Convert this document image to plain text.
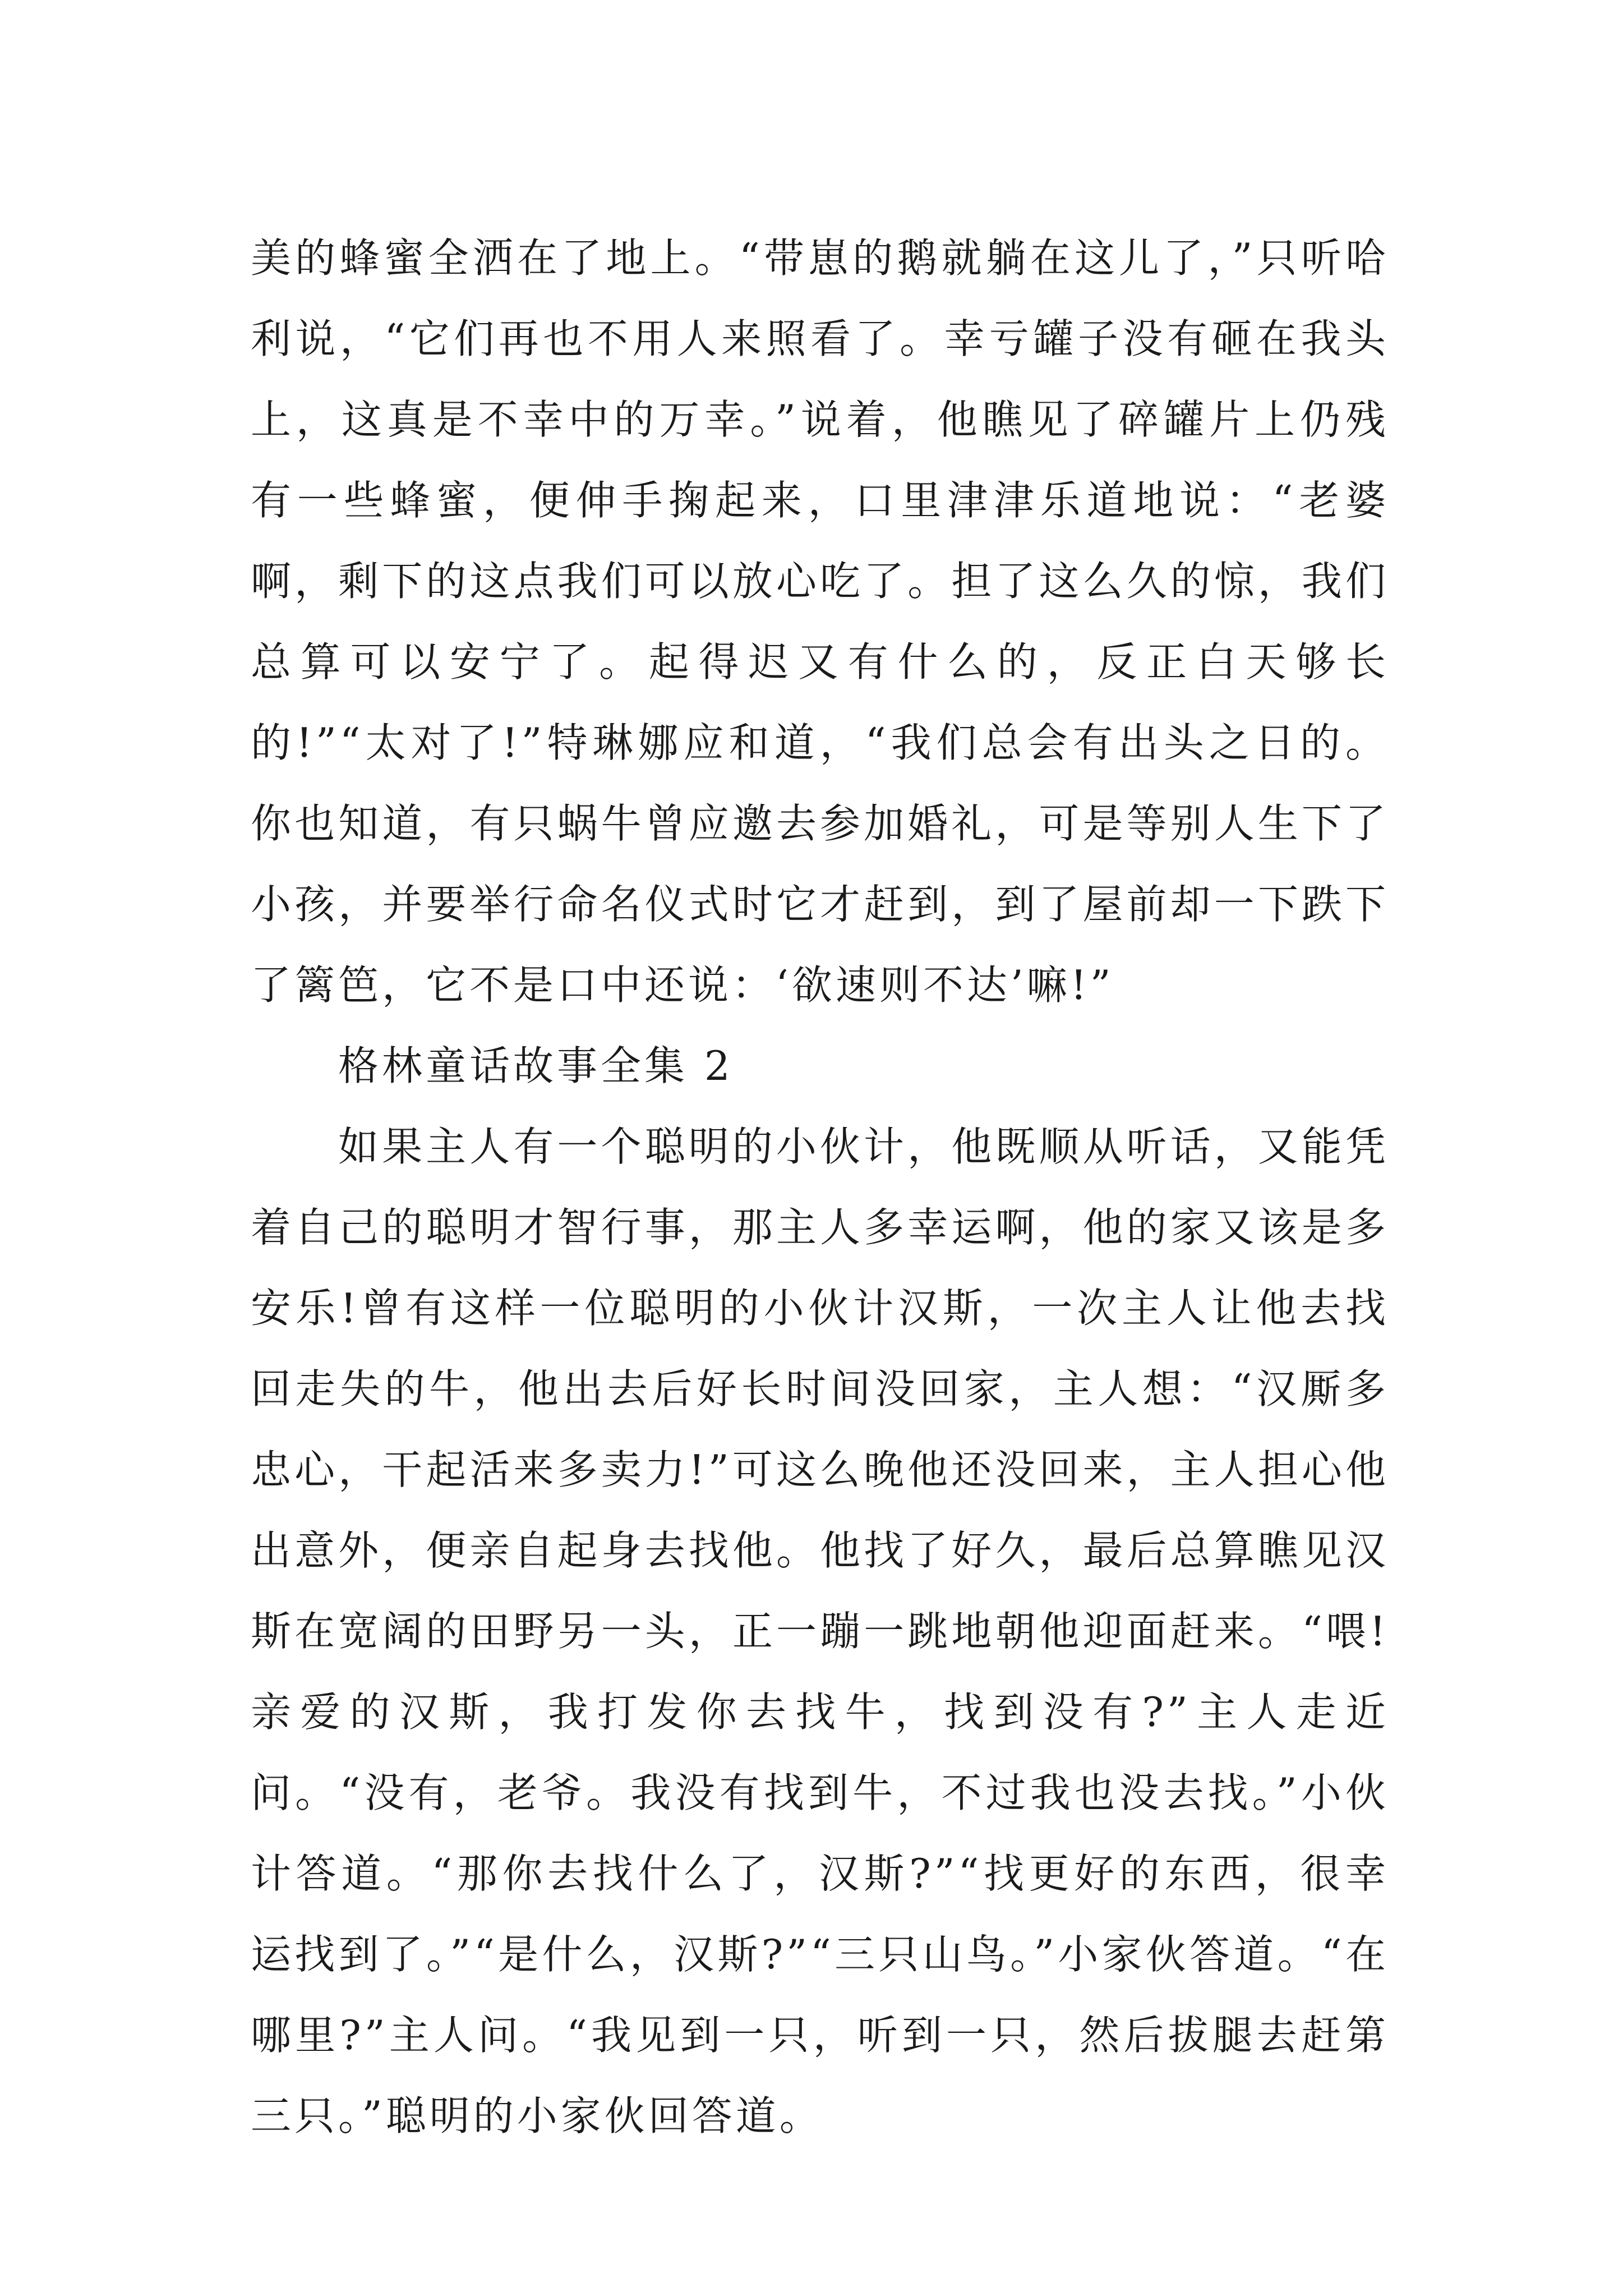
美的蜂蜜全洒在了地上。“带崽的鹅就躺在这儿了，”只听哈利说，“它们再也不用人来照看了。幸亏罐子没有砸在我头上，这真是不幸中的万幸。”说着，他瞧见了碎罐片上仍残有一些蜂蜜，便伸手掬起来，口里津津乐道地说：“老婆啊，剩下的这点我们可以放心吃了。担了这么久的惊，我们总算可以安宁了。起得迟又有什么的，反正白天够长的!”“太对了!”特琳娜应和道，“我们总会有出头之日的。你也知道，有只蜗牛曾应邀去参加婚礼，可是等别人生下了小孩，并要举行命名仪式时它才赶到，到了屋前却一下跌下了篱笆，它不是口中还说：‘欲速则不达’嘛!”

格林童话故事全集 2

如果主人有一个聪明的小伙计，他既顺从听话，又能凭着自己的聪明才智行事，那主人多幸运啊，他的家又该是多安乐!曾有这样一位聪明的小伙计汉斯，一次主人让他去找回走失的牛，他出去后好长时间没回家，主人想：“汉厮多忠心，干起活来多卖力!”可这么晚他还没回来，主人担心他出意外，便亲自起身去找他。他找了好久，最后总算瞧见汉斯在宽阔的田野另一头，正一蹦一跳地朝他迎面赶来。“喂!亲爱的汉斯，我打发你去找牛，找到没有?”主人走近问。“没有，老爷。我没有找到牛，不过我也没去找。”小伙计答道。“那你去找什么了，汉斯?”“找更好的东西，很幸运找到了。”“是什么，汉斯?”“三只山鸟。”小家伙答道。“在哪里?”主人问。“我见到一只，听到一只，然后拔腿去赶第三只。”聪明的小家伙回答道。
